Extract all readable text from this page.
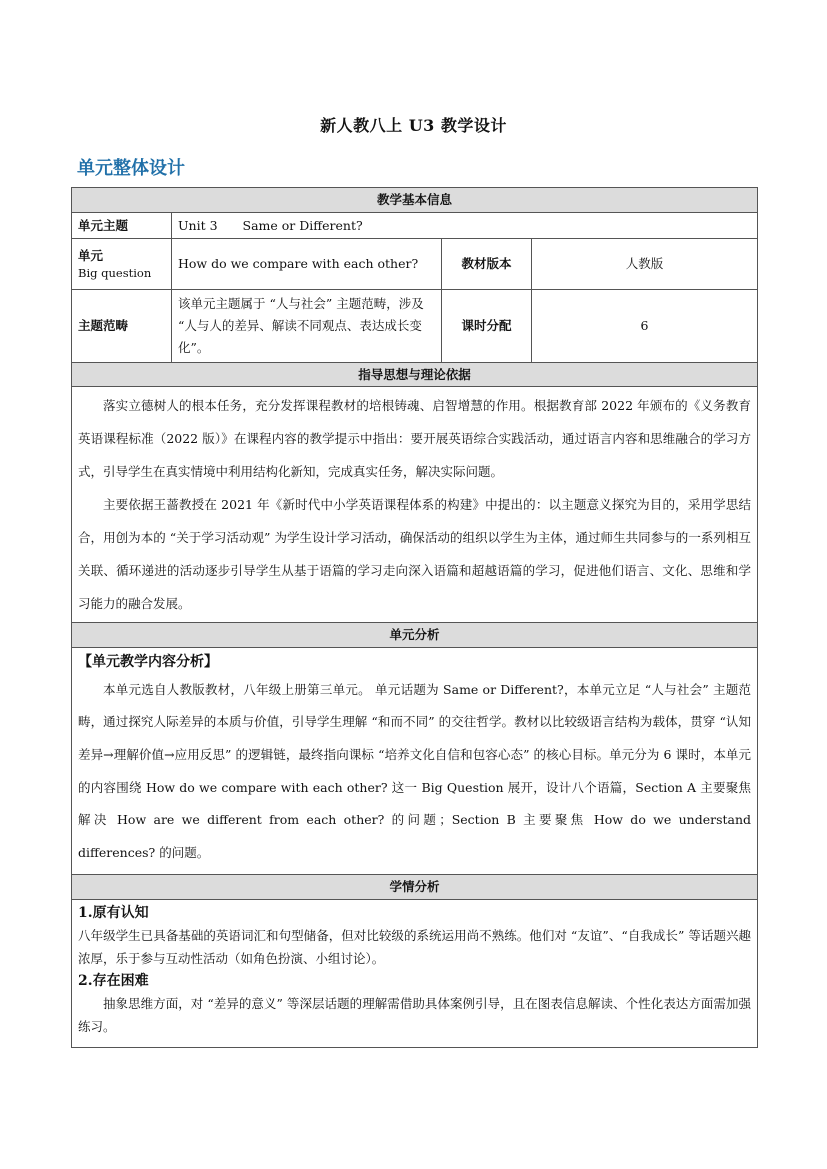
新人教八上 U3 教学设计
单元整体设计
教学基本信息			
单元主题	Unit 3　　Same or Different?		
单元
Big question	How do we compare with each other?	教材版本	人教版
主题范畴	该单元主题属于 “人与社会” 主题范畴，涉及 “人与人的差异、解读不同观点、表达成长变化”。	课时分配	6
指导思想与理论依据			

落实立德树人的根本任务，充分发挥课程教材的培根铸魂、启智增慧的作用。根据教育部 2022 年颁布的《义务教育英语课程标准（2022 版）》在课程内容的教学提示中指出：要开展英语综合实践活动，通过语言内容和思维融合的学习方式，引导学生在真实情境中利用结构化新知，完成真实任务，解决实际问题。

主要依据王蔷教授在 2021 年《新时代中小学英语课程体系的构建》中提出的：以主题意义探究为目的，采用学思结合，用创为本的 “关于学习活动观” 为学生设计学习活动，确保活动的组织以学生为主体，通过师生共同参与的一系列相互关联、循环递进的活动逐步引导学生从基于语篇的学习走向深入语篇和超越语篇的学习，促进他们语言、文化、思维和学习能力的融合发展。			

单元分析			

【单元教学内容分析】

本单元选自人教版教材，八年级上册第三单元。 单元话题为 Same or Different?，本单元立足 “人与社会” 主题范畴，通过探究人际差异的本质与价值，引导学生理解 “和而不同” 的交往哲学。教材以比较级语言结构为载体，贯穿 “认知差异→理解价值→应用反思” 的逻辑链，最终指向课标 “培养文化自信和包容心态” 的核心目标。单元分为 6 课时，本单元的内容围绕 How do we compare with each other? 这一 Big Question 展开，设计八个语篇，Section A 主要聚焦解决 How are we different from each other? 的问题；Section B 主要聚焦 How do we understand differences? 的问题。			

学情分析			

1.原有认知

八年级学生已具备基础的英语词汇和句型储备，但对比较级的系统运用尚不熟练。他们对 “友谊”、“自我成长” 等话题兴趣浓厚，乐于参与互动性活动（如角色扮演、小组讨论）。

2.存在困难

抽象思维方面，对 “差异的意义” 等深层话题的理解需借助具体案例引导，且在图表信息解读、个性化表达方面需加强练习。			
